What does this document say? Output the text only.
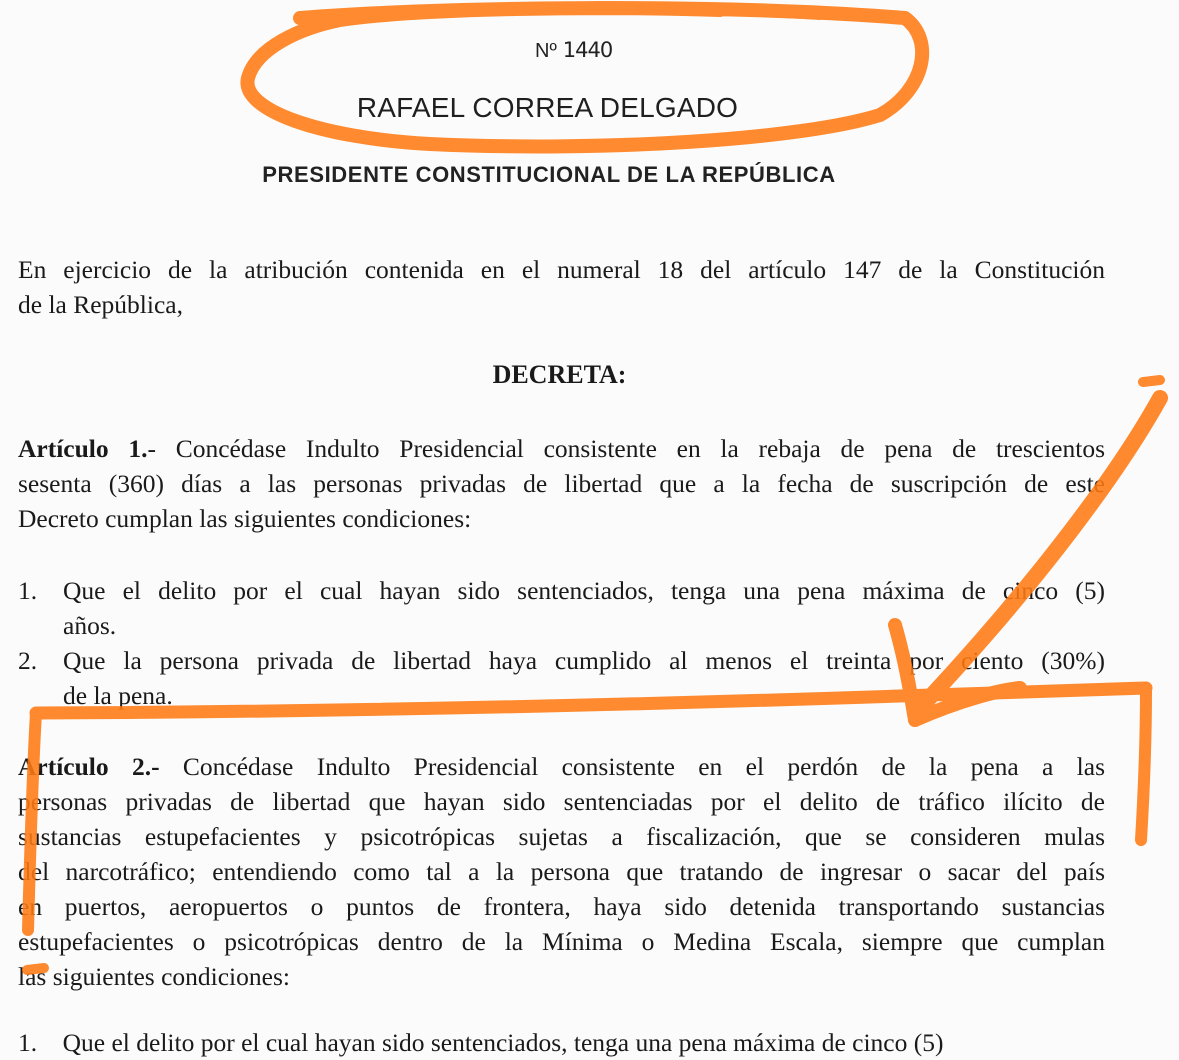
Nº 1440
RAFAEL CORREA DELGADO
PRESIDENTE CONSTITUCIONAL DE LA REPÚBLICA
En ejercicio de la atribución contenida en el numeral 18 del artículo 147 de la Constitución
de la República,
DECRETA:
Artículo 1.- Concédase Indulto Presidencial consistente en la rebaja de pena de trescientos
sesenta (360) días a las personas privadas de libertad que a la fecha de suscripción de este
Decreto cumplan las siguientes condiciones:
1. Que el delito por el cual hayan sido sentenciados, tenga una pena máxima de cinco (5)
años.
2. Que la persona privada de libertad haya cumplido al menos el treinta por ciento (30%)
de la pena.
Artículo 2.- Concédase Indulto Presidencial consistente en el perdón de la pena a las
personas privadas de libertad que hayan sido sentenciadas por el delito de tráfico ilícito de
sustancias estupefacientes y psicotrópicas sujetas a fiscalización, que se consideren mulas
del narcotráfico; entendiendo como tal a la persona que tratando de ingresar o sacar del país
en puertos, aeropuertos o puntos de frontera, haya sido detenida transportando sustancias
estupefacientes o psicotrópicas dentro de la Mínima o Medina Escala, siempre que cumplan
las siguientes condiciones:
1.    Que el delito por el cual hayan sido sentenciados, tenga una pena máxima de cinco (5)
